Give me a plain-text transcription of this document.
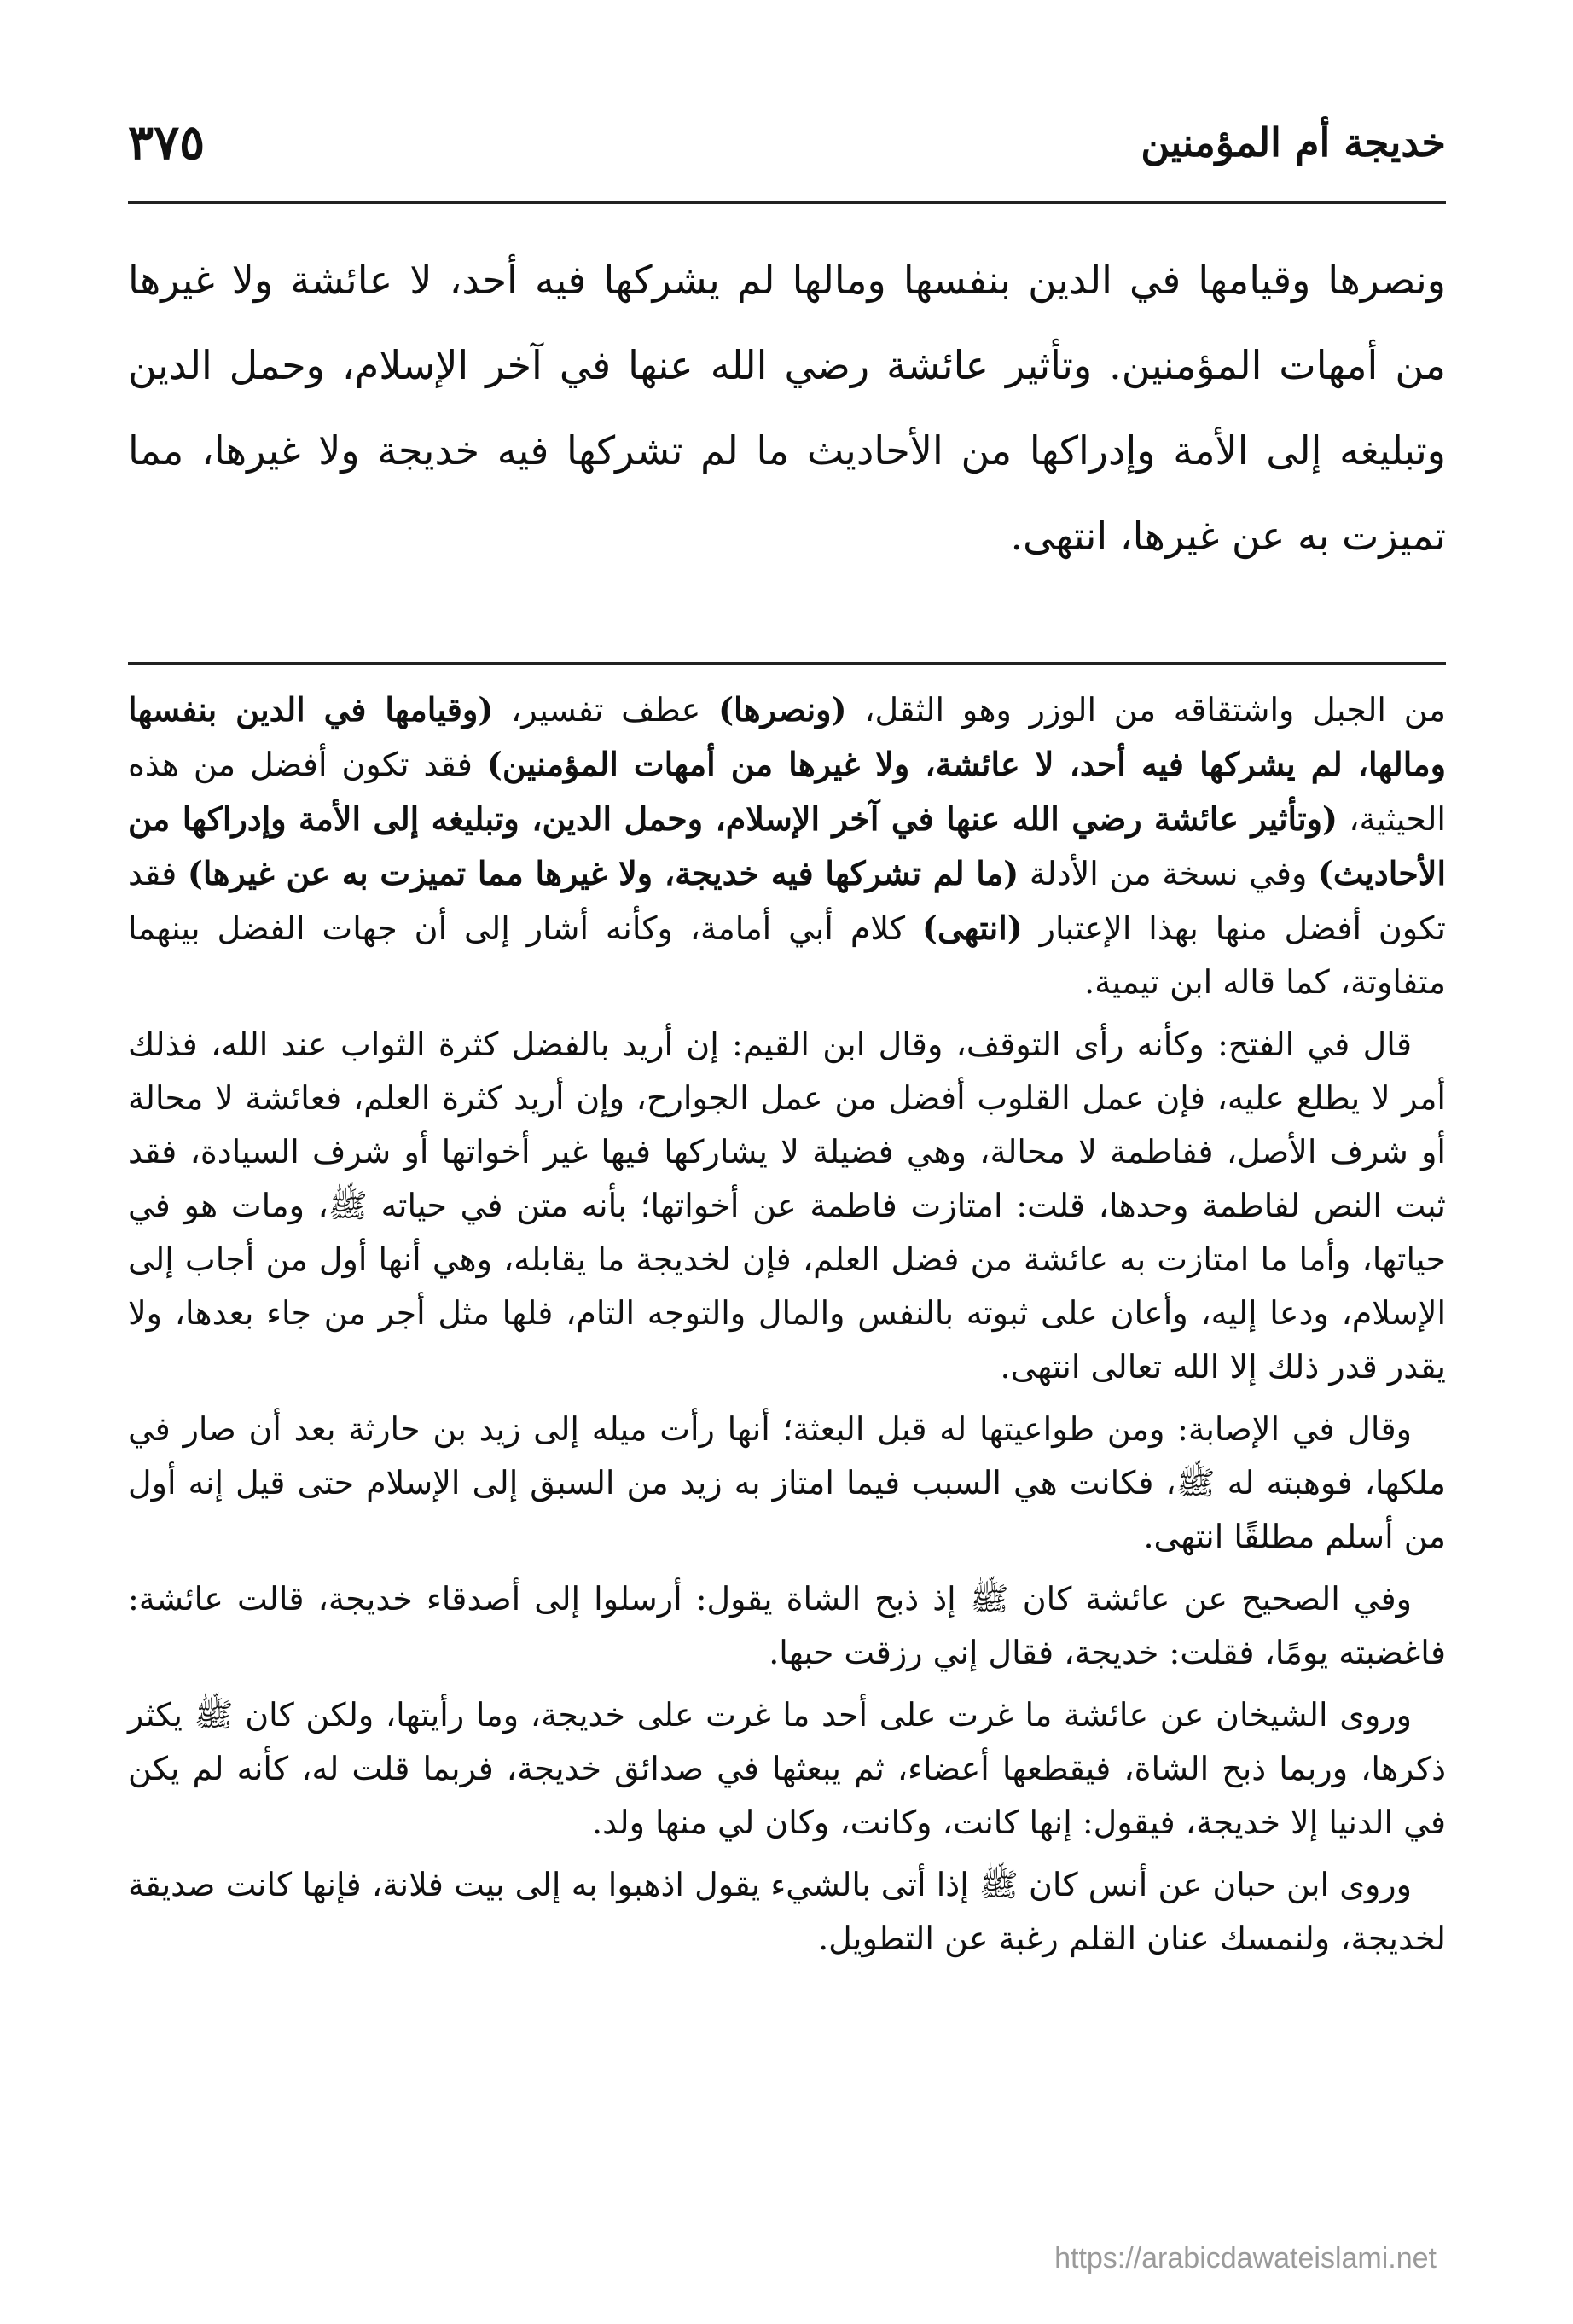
خديجة أم المؤمنين
٣٧٥

ونصرها وقيامها في الدين بنفسها ومالها لم يشركها فيه أحد، لا عائشة ولا غيرها من أمهات المؤمنين. وتأثير عائشة رضي الله عنها في آخر الإسلام، وحمل الدين وتبليغه إلى الأمة وإدراكها من الأحاديث ما لم تشركها فيه خديجة ولا غيرها، مما تميزت به عن غيرها، انتهى.

من الجبل واشتقاقه من الوزر وهو الثقل، (ونصرها) عطف تفسير، (وقيامها في الدين بنفسها ومالها، لم يشركها فيه أحد، لا عائشة، ولا غيرها من أمهات المؤمنين) فقد تكون أفضل من هذه الحيثية، (وتأثير عائشة رضي الله عنها في آخر الإسلام، وحمل الدين، وتبليغه إلى الأمة وإدراكها من الأحاديث) وفي نسخة من الأدلة (ما لم تشركها فيه خديجة، ولا غيرها مما تميزت به عن غيرها) فقد تكون أفضل منها بهذا الإعتبار (انتهى) كلام أبي أمامة، وكأنه أشار إلى أن جهات الفضل بينهما متفاوتة، كما قاله ابن تيمية.

قال في الفتح: وكأنه رأى التوقف، وقال ابن القيم: إن أريد بالفضل كثرة الثواب عند الله، فذلك أمر لا يطلع عليه، فإن عمل القلوب أفضل من عمل الجوارح، وإن أريد كثرة العلم، فعائشة لا محالة أو شرف الأصل، ففاطمة لا محالة، وهي فضيلة لا يشاركها فيها غير أخواتها أو شرف السيادة، فقد ثبت النص لفاطمة وحدها، قلت: امتازت فاطمة عن أخواتها؛ بأنه متن في حياته ﷺ، ومات هو في حياتها، وأما ما امتازت به عائشة من فضل العلم، فإن لخديجة ما يقابله، وهي أنها أول من أجاب إلى الإسلام، ودعا إليه، وأعان على ثبوته بالنفس والمال والتوجه التام، فلها مثل أجر من جاء بعدها، ولا يقدر قدر ذلك إلا الله تعالى انتهى.

وقال في الإصابة: ومن طواعيتها له قبل البعثة؛ أنها رأت ميله إلى زيد بن حارثة بعد أن صار في ملكها، فوهبته له ﷺ، فكانت هي السبب فيما امتاز به زيد من السبق إلى الإسلام حتى قيل إنه أول من أسلم مطلقًا انتهى.

وفي الصحيح عن عائشة كان ﷺ إذ ذبح الشاة يقول: أرسلوا إلى أصدقاء خديجة، قالت عائشة: فاغضبته يومًا، فقلت: خديجة، فقال إني رزقت حبها.

وروى الشيخان عن عائشة ما غرت على أحد ما غرت على خديجة، وما رأيتها، ولكن كان ﷺ يكثر ذكرها، وربما ذبح الشاة، فيقطعها أعضاء، ثم يبعثها في صدائق خديجة، فربما قلت له، كأنه لم يكن في الدنيا إلا خديجة، فيقول: إنها كانت، وكانت، وكان لي منها ولد.

وروى ابن حبان عن أنس كان ﷺ إذا أتى بالشيء يقول اذهبوا به إلى بيت فلانة، فإنها كانت صديقة لخديجة، ولنمسك عنان القلم رغبة عن التطويل.

https://arabicdawateislami.net
